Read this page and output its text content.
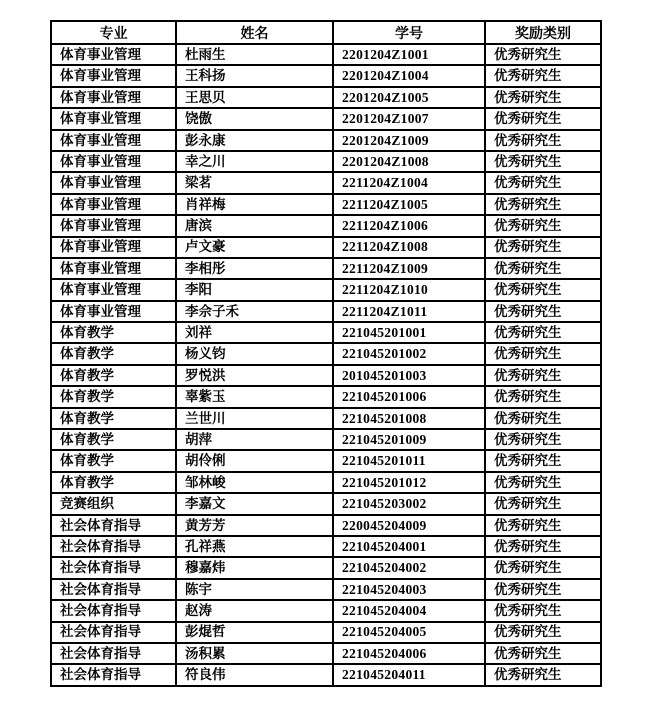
专业	姓名	学号	奖励类别
体育事业管理	杜雨生	2201204Z1001	优秀研究生
体育事业管理	王科扬	2201204Z1004	优秀研究生
体育事业管理	王思贝	2201204Z1005	优秀研究生
体育事业管理	饶傲	2201204Z1007	优秀研究生
体育事业管理	彭永康	2201204Z1009	优秀研究生
体育事业管理	幸之川	2201204Z1008	优秀研究生
体育事业管理	梁茗	2211204Z1004	优秀研究生
体育事业管理	肖祥梅	2211204Z1005	优秀研究生
体育事业管理	唐滨	2211204Z1006	优秀研究生
体育事业管理	卢文豪	2211204Z1008	优秀研究生
体育事业管理	李相彤	2211204Z1009	优秀研究生
体育事业管理	李阳	2211204Z1010	优秀研究生
体育事业管理	李佘子禾	2211204Z1011	优秀研究生
体育教学	刘祥	221045201001	优秀研究生
体育教学	杨义钧	221045201002	优秀研究生
体育教学	罗悦洪	201045201003	优秀研究生
体育教学	辜紫玉	221045201006	优秀研究生
体育教学	兰世川	221045201008	优秀研究生
体育教学	胡萍	221045201009	优秀研究生
体育教学	胡伶俐	221045201011	优秀研究生
体育教学	邹林峻	221045201012	优秀研究生
竞赛组织	李嘉文	221045203002	优秀研究生
社会体育指导	黄芳芳	220045204009	优秀研究生
社会体育指导	孔祥燕	221045204001	优秀研究生
社会体育指导	穆嘉炜	221045204002	优秀研究生
社会体育指导	陈宇	221045204003	优秀研究生
社会体育指导	赵涛	221045204004	优秀研究生
社会体育指导	彭焜哲	221045204005	优秀研究生
社会体育指导	汤积累	221045204006	优秀研究生
社会体育指导	符良伟	221045204011	优秀研究生
